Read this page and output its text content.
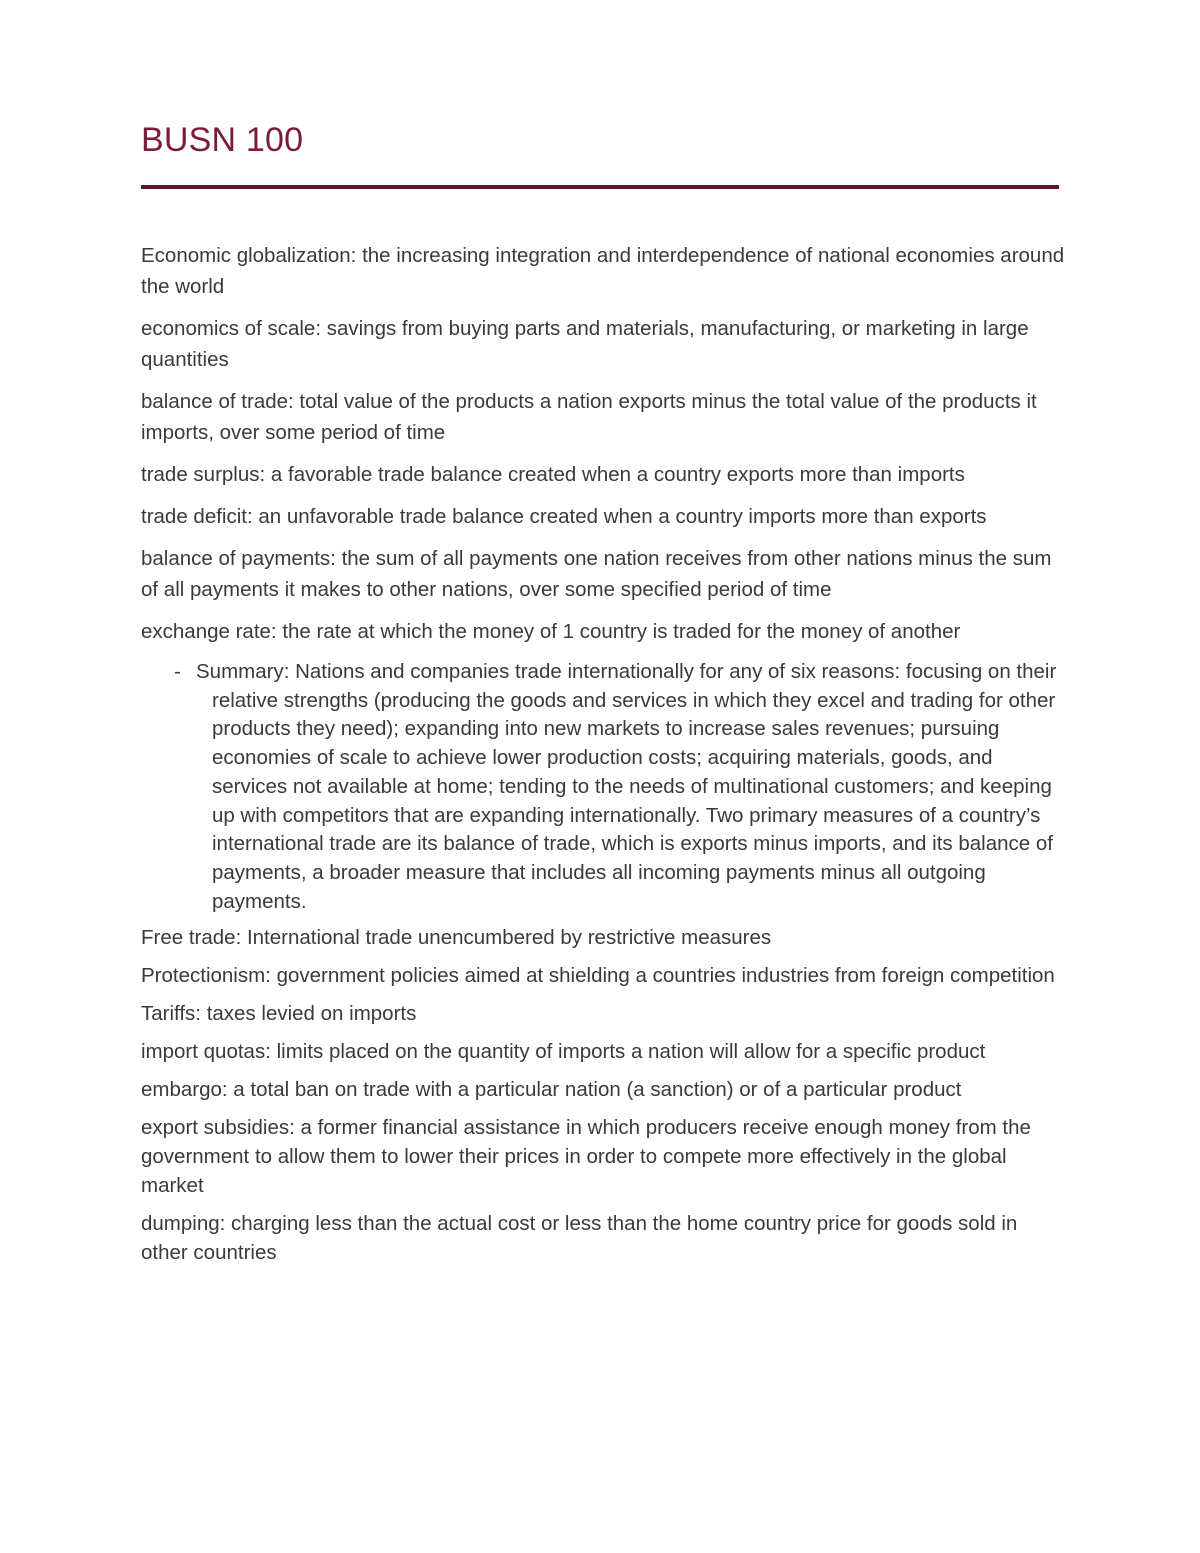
BUSN 100

Economic globalization: the increasing integration and interdependence of national economies around the world

economics of scale: savings from buying parts and materials, manufacturing, or marketing in large quantities

balance of trade: total value of the products a nation exports minus the total value of the products it imports, over some period of time

trade surplus: a favorable trade balance created when a country exports more than imports

trade deficit: an unfavorable trade balance created when a country imports more than exports

balance of payments: the sum of all payments one nation receives from other nations minus the sum of all payments it makes to other nations, over some specified period of time

exchange rate: the rate at which the money of 1 country is traded for the money of another

- Summary: Nations and companies trade internationally for any of six reasons: focusing on their relative strengths (producing the goods and services in which they excel and trading for other products they need); expanding into new markets to increase sales revenues; pursuing economies of scale to achieve lower production costs; acquiring materials, goods, and services not available at home; tending to the needs of multinational customers; and keeping up with competitors that are expanding internationally. Two primary measures of a country’s international trade are its balance of trade, which is exports minus imports, and its balance of payments, a broader measure that includes all incoming payments minus all outgoing payments.

Free trade: International trade unencumbered by restrictive measures

Protectionism: government policies aimed at shielding a countries industries from foreign competition

Tariffs: taxes levied on imports

import quotas: limits placed on the quantity of imports a nation will allow for a specific product

embargo: a total ban on trade with a particular nation (a sanction) or of a particular product

export subsidies: a former financial assistance in which producers receive enough money from the government to allow them to lower their prices in order to compete more effectively in the global market

dumping: charging less than the actual cost or less than the home country price for goods sold in other countries
